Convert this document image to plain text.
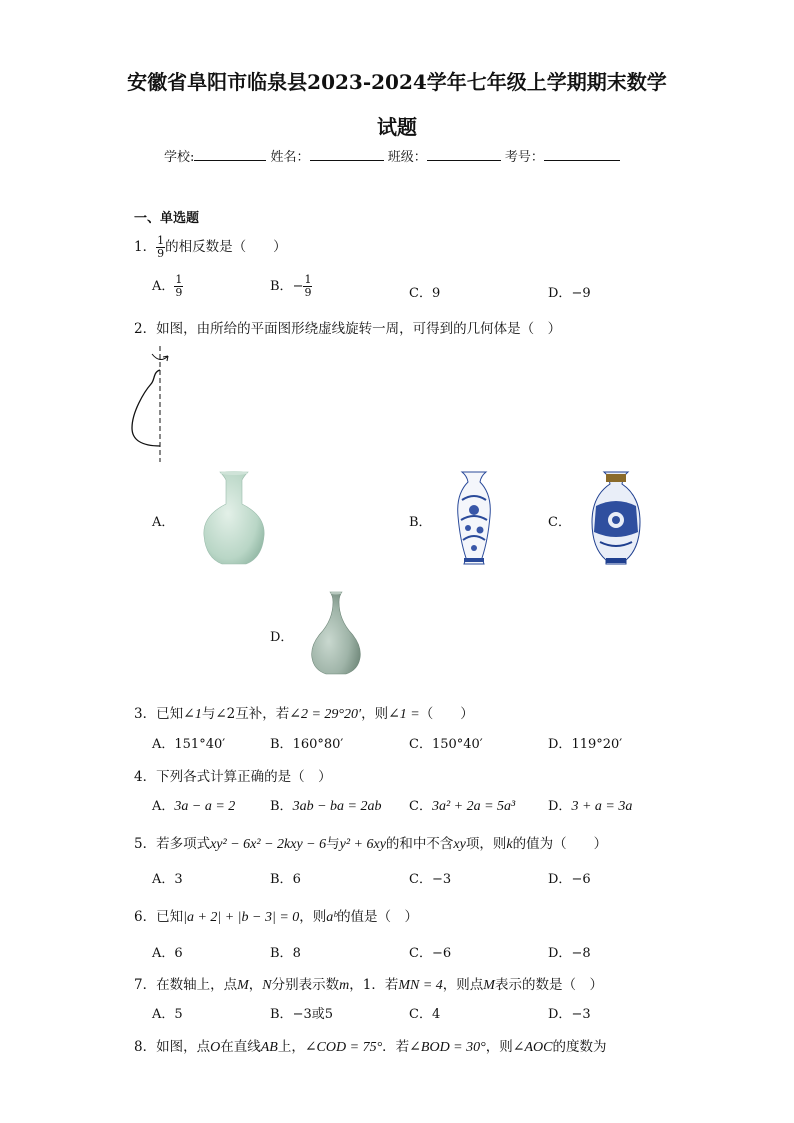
安徽省阜阳市临泉县2023-2024学年七年级上学期期末数学
试题
学校:	姓名：	班级：	考号：
一、单选题
1． $\frac{1}{9}$ 的相反数是（　　）
A． $\frac{1}{9}$	B．− $\frac{1}{9}$	C．9	D．−9
2．如图，由所给的平面图形绕虚线旋转一周，可得到的几何体是（　）
A．	B．	C．
D．
3．已知∠1与∠2互补，若∠2 = 29°20′，则∠1 =（　　）
A．151°40′	B．160°80′	C．150°40′	D．119°20′
4．下列各式计算正确的是（　）
A．3a − a = 2	B．3ab − ba = 2ab C．3a² + 2a = 5a³	D．3 + a = 3a
5．若多项式xy² − 6x² − 2kxy − 6与y² + 6xy的和中不含xy项，则k的值为（　　）
A．3	B．6	C．−3	D．−6
6．已知|a + 2| + |b − 3| = 0，则aᵇ的值是（　）
A．6	B．8	C．−6	D．−8
7．在数轴上，点M，N分别表示数m，1．若MN = 4，则点M表示的数是（　）
A．5	B．−3或5	C．4	D．−3
8．如图，点O在直线AB上，∠COD = 75°．若∠BOD = 30°，则∠AOC的度数为
